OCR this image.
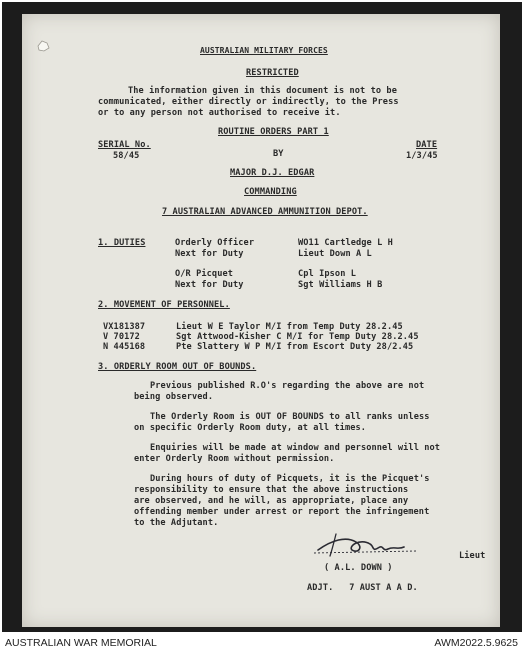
AUSTRALIAN MILITARY FORCES
RESTRICTED
The information given in this document is not to be
communicated, either directly or indirectly, to the Press
or to any person not authorised to receive it.
ROUTINE ORDERS PART 1
SERIAL No.
58/45
DATE
1/3/45
BY
MAJOR D.J. EDGAR
COMMANDING
7 AUSTRALIAN ADVANCED AMMUNITION DEPOT.
1. DUTIES	Orderly Officer	WO11 Cartledge L H
Next for Duty	Lieut Down A L
O/R Picquet	Cpl Ipson L
Next for Duty	Sgt Williams H B
2. MOVEMENT OF PERSONNEL.
VX181387	Lieut W E Taylor M/I from Temp Duty 28.2.45
V 70172	Sgt Attwood-Kisher C M/I for Temp Duty 28.2.45
N 445168	Pte Slattery W P M/I from Escort Duty 28/2.45
3. ORDERLY ROOM OUT OF BOUNDS.
Previous published R.O's regarding the above are not
being observed.
The Orderly Room is OUT OF BOUNDS to all ranks unless
on specific Orderly Room duty, at all times.
Enquiries will be made at window and personnel will not
enter Orderly Room without permission.
During hours of duty of Picquets, it is the Picquet's
responsibility to ensure that the above instructions
are observed, and he will, as appropriate, place any
offending member under arrest or report the infringement
to the Adjutant.
Lieut
( A.L. DOWN )
ADJT.   7 AUST A A D.
AUSTRALIAN WAR MEMORIAL	AWM2022.5.9625
